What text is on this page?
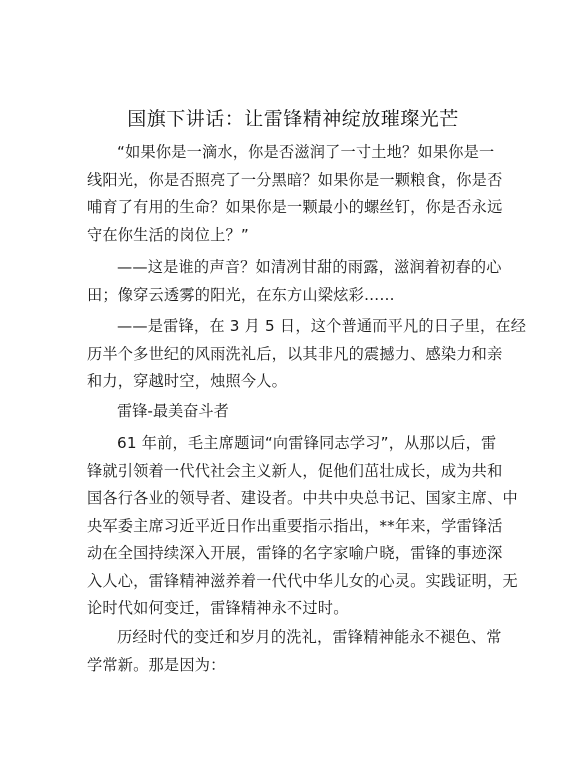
国旗下讲话：让雷锋精神绽放璀璨光芒
“如果你是一滴水，你是否滋润了一寸土地？如果你是一
线阳光，你是否照亮了一分黑暗？如果你是一颗粮食，你是否
哺育了有用的生命？如果你是一颗最小的螺丝钉，你是否永远
守在你生活的岗位上？”
——这是谁的声音？如清冽甘甜的雨露，滋润着初春的心
田；像穿云透雾的阳光，在东方山梁炫彩……
——是雷锋，在 3 月 5 日，这个普通而平凡的日子里，在经
历半个多世纪的风雨洗礼后，以其非凡的震撼力、感染力和亲
和力，穿越时空，烛照今人。
雷锋-最美奋斗者
61 年前，毛主席题词“向雷锋同志学习”，从那以后，雷
锋就引领着一代代社会主义新人，促他们茁壮成长，成为共和
国各行各业的领导者、建设者。中共中央总书记、国家主席、中
央军委主席习近平近日作出重要指示指出，**年来，学雷锋活
动在全国持续深入开展，雷锋的名字家喻户晓，雷锋的事迹深
入人心，雷锋精神滋养着一代代中华儿女的心灵。实践证明，无
论时代如何变迁，雷锋精神永不过时。
历经时代的变迁和岁月的洗礼，雷锋精神能永不褪色、常
学常新。那是因为：
